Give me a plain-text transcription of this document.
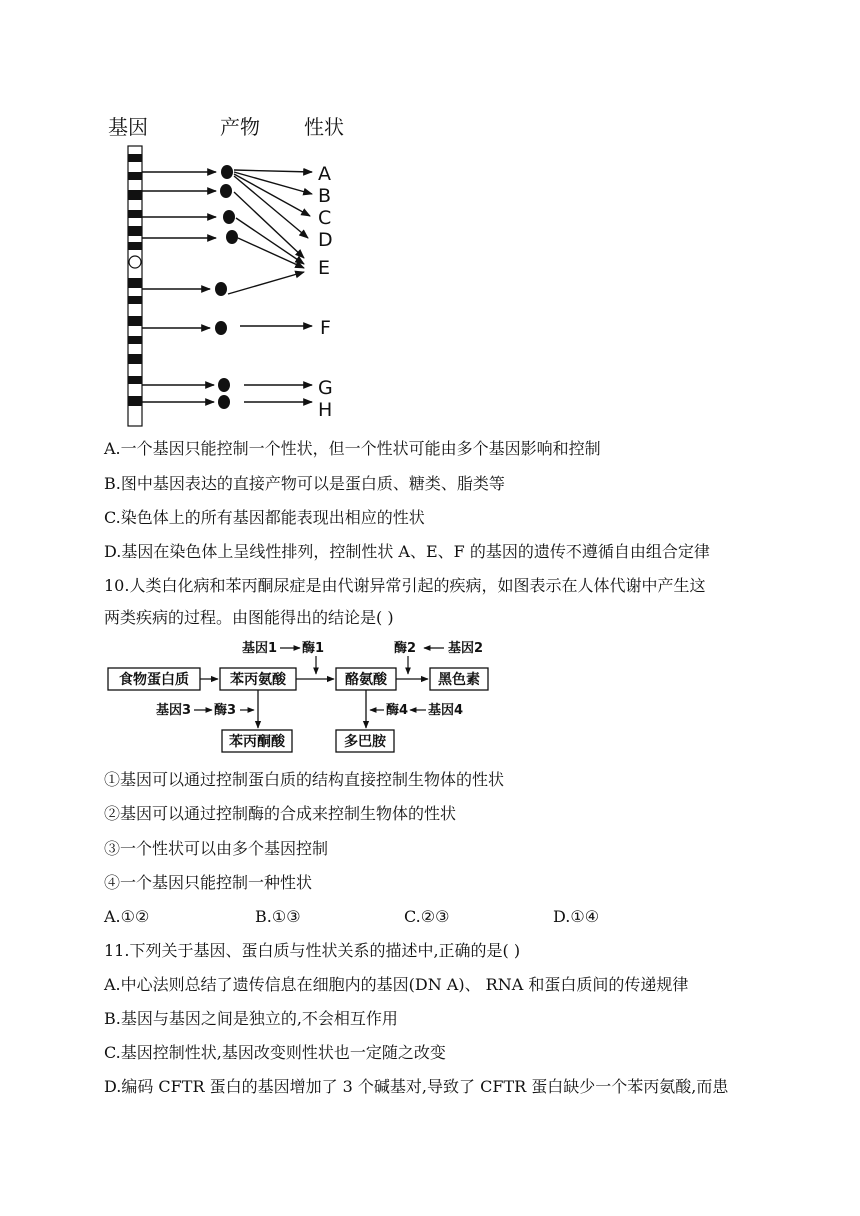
基因	产物 性状
A
B
C
D
E
F
G
H
A.一个基因只能控制一个性状，但一个性状可能由多个基因影响和控制
B.图中基因表达的直接产物可以是蛋白质、糖类、脂类等
C.染色体上的所有基因都能表现出相应的性状
D.基因在染色体上呈线性排列，控制性状 A、E、F 的基因的遗传不遵循自由组合定律
10.人类白化病和苯丙酮尿症是由代谢异常引起的疾病，如图表示在人体代谢中产生这
两类疾病的过程。由图能得出的结论是( )
食物蛋白质	苯丙氨酸	酪氨酸	黑色素
苯丙酮酸	多巴胺
基因1 酶1	酶2 基因2
基因3 酶3	酶4 基因4
①基因可以通过控制蛋白质的结构直接控制生物体的性状
②基因可以通过控制酶的合成来控制生物体的性状
③一个性状可以由多个基因控制
④一个基因只能控制一种性状
A.①②	B.①③	C.②③	D.①④
11.下列关于基因、蛋白质与性状关系的描述中,正确的是( )
A.中心法则总结了遗传信息在细胞内的基因(DN A)、 RNA 和蛋白质间的传递规律
B.基因与基因之间是独立的,不会相互作用
C.基因控制性状,基因改变则性状也一定随之改变
D.编码 CFTR 蛋白的基因增加了 3 个碱基对,导致了 CFTR 蛋白缺少一个苯丙氨酸,而患
